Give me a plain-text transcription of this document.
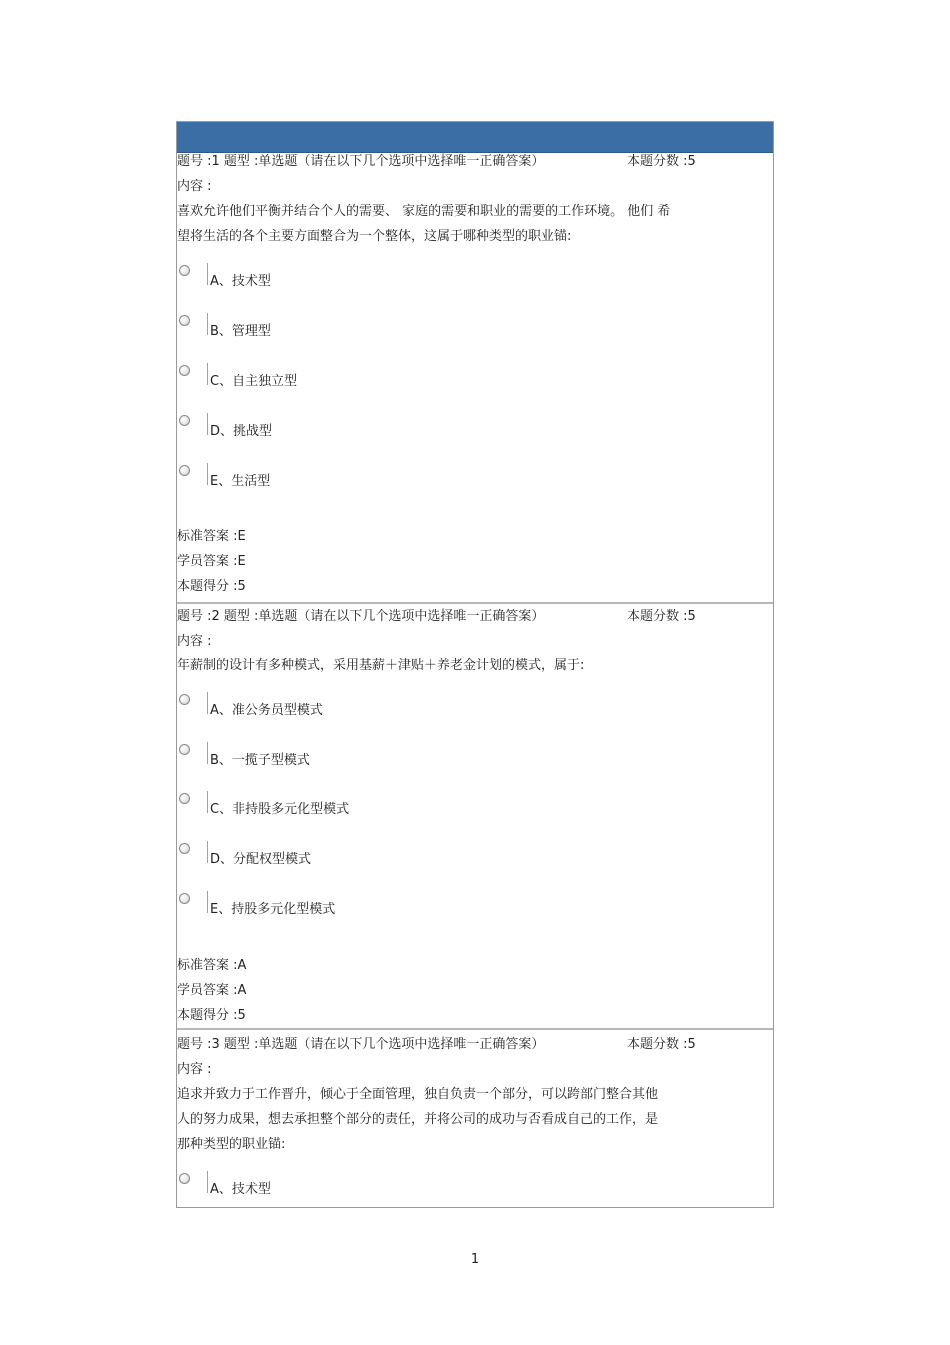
题号 :1 题型 :单选题（请在以下几个选项中选择唯一正确答案）	本题分数 :5
内容 :
喜欢允许他们平衡并结合个人的需要、 家庭的需要和职业的需要的工作环境。 他们 希
望将生活的各个主要方面整合为一个整体，这属于哪种类型的职业锚:
A、技术型
B、管理型
C、自主独立型
D、挑战型
E、生活型
标准答案 :E
学员答案 :E
本题得分 :5
题号 :2 题型 :单选题（请在以下几个选项中选择唯一正确答案）	本题分数 :5
内容 :
年薪制的设计有多种模式，采用基薪＋津贴＋养老金计划的模式，属于:
A、准公务员型模式
B、一揽子型模式
C、非持股多元化型模式
D、分配权型模式
E、持股多元化型模式
标准答案 :A
学员答案 :A
本题得分 :5
题号 :3 题型 :单选题（请在以下几个选项中选择唯一正确答案）	本题分数 :5
内容 :
追求并致力于工作晋升，倾心于全面管理，独自负责一个部分，可以跨部门整合其他
人的努力成果，想去承担整个部分的责任，并将公司的成功与否看成自己的工作，是
那种类型的职业锚:
A、技术型
1
